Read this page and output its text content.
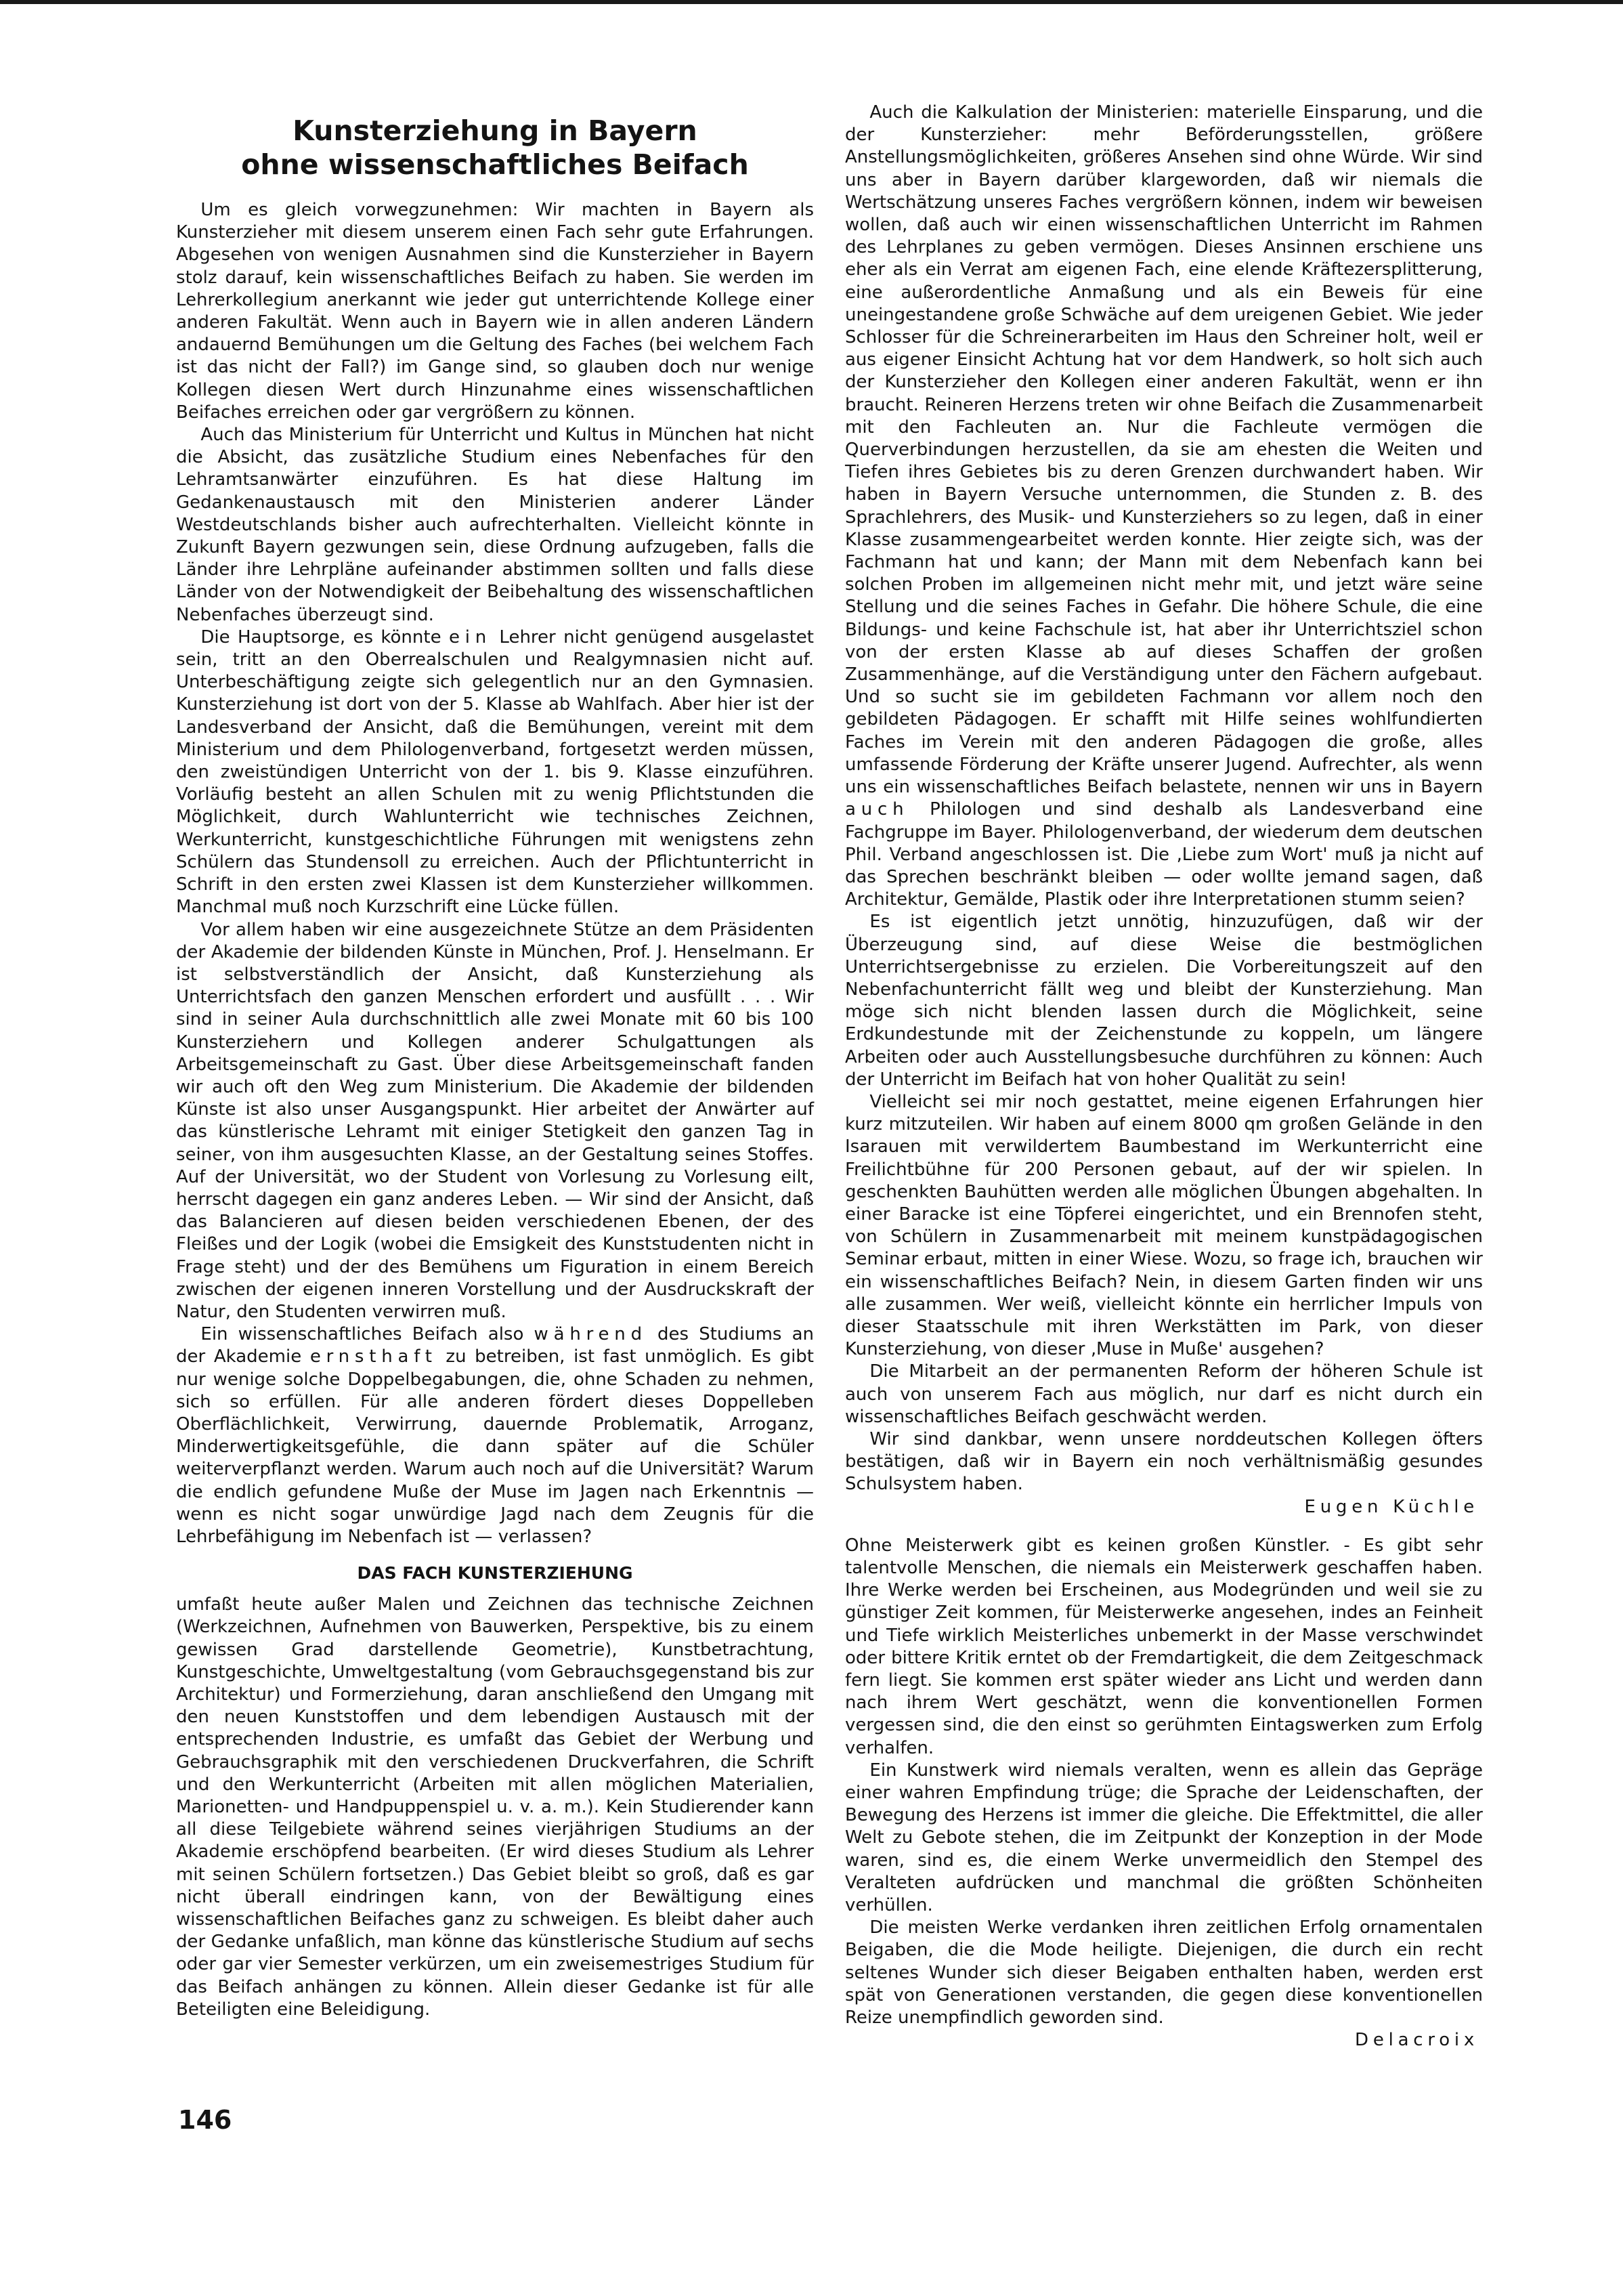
Kunsterziehung in Bayern
ohne wissenschaftliches Beifach

Um es gleich vorwegzunehmen: Wir machten in Bayern als Kunsterzieher mit diesem unserem einen Fach sehr gute Erfahrungen. Abgesehen von wenigen Ausnahmen sind die Kunsterzieher in Bayern stolz darauf, kein wissenschaftliches Beifach zu haben. Sie werden im Lehrerkollegium anerkannt wie jeder gut unterrichtende Kollege einer anderen Fakultät. Wenn auch in Bayern wie in allen anderen Ländern andauernd Bemühungen um die Geltung des Faches (bei welchem Fach ist das nicht der Fall?) im Gange sind, so glauben doch nur wenige Kollegen diesen Wert durch Hinzunahme eines wissenschaftlichen Beifaches erreichen oder gar vergrößern zu können.

Auch das Ministerium für Unterricht und Kultus in München hat nicht die Absicht, das zusätzliche Studium eines Nebenfaches für den Lehramtsanwärter einzuführen. Es hat diese Haltung im Gedankenaustausch mit den Ministerien anderer Länder Westdeutschlands bisher auch aufrechterhalten. Vielleicht könnte in Zukunft Bayern gezwungen sein, diese Ordnung aufzugeben, falls die Länder ihre Lehrpläne aufeinander abstimmen sollten und falls diese Länder von der Notwendigkeit der Beibehaltung des wissenschaftlichen Nebenfaches überzeugt sind.

Die Hauptsorge, es könnte ein Lehrer nicht genügend ausgelastet sein, tritt an den Oberrealschulen und Realgymnasien nicht auf. Unterbeschäftigung zeigte sich gelegentlich nur an den Gymnasien. Kunsterziehung ist dort von der 5. Klasse ab Wahlfach. Aber hier ist der Landesverband der Ansicht, daß die Bemühungen, vereint mit dem Ministerium und dem Philologenverband, fortgesetzt werden müssen, den zweistündigen Unterricht von der 1. bis 9. Klasse einzuführen. Vorläufig besteht an allen Schulen mit zu wenig Pflichtstunden die Möglichkeit, durch Wahlunterricht wie technisches Zeichnen, Werkunterricht, kunstgeschichtliche Führungen mit wenigstens zehn Schülern das Stundensoll zu erreichen. Auch der Pflichtunterricht in Schrift in den ersten zwei Klassen ist dem Kunsterzieher willkommen. Manchmal muß noch Kurzschrift eine Lücke füllen.

Vor allem haben wir eine ausgezeichnete Stütze an dem Präsidenten der Akademie der bildenden Künste in München, Prof. J. Henselmann. Er ist selbstverständlich der Ansicht, daß Kunsterziehung als Unterrichtsfach den ganzen Menschen erfordert und ausfüllt . . . Wir sind in seiner Aula durchschnittlich alle zwei Monate mit 60 bis 100 Kunsterziehern und Kollegen anderer Schulgattungen als Arbeitsgemeinschaft zu Gast. Über diese Arbeitsgemeinschaft fanden wir auch oft den Weg zum Ministerium. Die Akademie der bildenden Künste ist also unser Ausgangspunkt. Hier arbeitet der Anwärter auf das künstlerische Lehramt mit einiger Stetigkeit den ganzen Tag in seiner, von ihm ausgesuchten Klasse, an der Gestaltung seines Stoffes. Auf der Universität, wo der Student von Vorlesung zu Vorlesung eilt, herrscht dagegen ein ganz anderes Leben. — Wir sind der Ansicht, daß das Balancieren auf diesen beiden verschiedenen Ebenen, der des Fleißes und der Logik (wobei die Emsigkeit des Kunststudenten nicht in Frage steht) und der des Bemühens um Figuration in einem Bereich zwischen der eigenen inneren Vorstellung und der Ausdruckskraft der Natur, den Studenten verwirren muß.

Ein wissenschaftliches Beifach also während des Studiums an der Akademie ernsthaft zu betreiben, ist fast unmöglich. Es gibt nur wenige solche Doppelbegabungen, die, ohne Schaden zu nehmen, sich so erfüllen. Für alle anderen fördert dieses Doppelleben Oberflächlichkeit, Verwirrung, dauernde Problematik, Arroganz, Minderwertigkeitsgefühle, die dann später auf die Schüler weiterverpflanzt werden. Warum auch noch auf die Universität? Warum die endlich gefundene Muße der Muse im Jagen nach Erkenntnis — wenn es nicht sogar unwürdige Jagd nach dem Zeugnis für die Lehrbefähigung im Nebenfach ist — verlassen?

DAS FACH KUNSTERZIEHUNG

umfaßt heute außer Malen und Zeichnen das technische Zeichnen (Werkzeichnen, Aufnehmen von Bauwerken, Perspektive, bis zu einem gewissen Grad darstellende Geometrie), Kunstbetrachtung, Kunstgeschichte, Umweltgestaltung (vom Gebrauchsgegenstand bis zur Architektur) und Formerziehung, daran anschließend den Umgang mit den neuen Kunststoffen und dem lebendigen Austausch mit der entsprechenden Industrie, es umfaßt das Gebiet der Werbung und Gebrauchsgraphik mit den verschiedenen Druckverfahren, die Schrift und den Werkunterricht (Arbeiten mit allen möglichen Materialien, Marionetten- und Handpuppenspiel u. v. a. m.). Kein Studierender kann all diese Teilgebiete während seines vierjährigen Studiums an der Akademie erschöpfend bearbeiten. (Er wird dieses Studium als Lehrer mit seinen Schülern fortsetzen.) Das Gebiet bleibt so groß, daß es gar nicht überall eindringen kann, von der Bewältigung eines wissenschaftlichen Beifaches ganz zu schweigen. Es bleibt daher auch der Gedanke unfaßlich, man könne das künstlerische Studium auf sechs oder gar vier Semester verkürzen, um ein zweisemestriges Studium für das Beifach anhängen zu können. Allein dieser Gedanke ist für alle Beteiligten eine Beleidigung.

Auch die Kalkulation der Ministerien: materielle Einsparung, und die der Kunsterzieher: mehr Beförderungsstellen, größere Anstellungsmöglichkeiten, größeres Ansehen sind ohne Würde. Wir sind uns aber in Bayern darüber klargeworden, daß wir niemals die Wertschätzung unseres Faches vergrößern können, indem wir beweisen wollen, daß auch wir einen wissenschaftlichen Unterricht im Rahmen des Lehrplanes zu geben vermögen. Dieses Ansinnen erschiene uns eher als ein Verrat am eigenen Fach, eine elende Kräftezersplitterung, eine außerordentliche Anmaßung und als ein Beweis für eine uneingestandene große Schwäche auf dem ureigenen Gebiet. Wie jeder Schlosser für die Schreinerarbeiten im Haus den Schreiner holt, weil er aus eigener Einsicht Achtung hat vor dem Handwerk, so holt sich auch der Kunsterzieher den Kollegen einer anderen Fakultät, wenn er ihn braucht. Reineren Herzens treten wir ohne Beifach die Zusammenarbeit mit den Fachleuten an. Nur die Fachleute vermögen die Querverbindungen herzustellen, da sie am ehesten die Weiten und Tiefen ihres Gebietes bis zu deren Grenzen durchwandert haben. Wir haben in Bayern Versuche unternommen, die Stunden z. B. des Sprachlehrers, des Musik- und Kunsterziehers so zu legen, daß in einer Klasse zusammengearbeitet werden konnte. Hier zeigte sich, was der Fachmann hat und kann; der Mann mit dem Nebenfach kann bei solchen Proben im allgemeinen nicht mehr mit, und jetzt wäre seine Stellung und die seines Faches in Gefahr. Die höhere Schule, die eine Bildungs- und keine Fachschule ist, hat aber ihr Unterrichtsziel schon von der ersten Klasse ab auf dieses Schaffen der großen Zusammenhänge, auf die Verständigung unter den Fächern aufgebaut. Und so sucht sie im gebildeten Fachmann vor allem noch den gebildeten Pädagogen. Er schafft mit Hilfe seines wohlfundierten Faches im Verein mit den anderen Pädagogen die große, alles umfassende Förderung der Kräfte unserer Jugend. Aufrechter, als wenn uns ein wissenschaftliches Beifach belastete, nennen wir uns in Bayern auch Philologen und sind deshalb als Landesverband eine Fachgruppe im Bayer. Philologenverband, der wiederum dem deutschen Phil. Verband angeschlossen ist. Die ‚Liebe zum Wort' muß ja nicht auf das Sprechen beschränkt bleiben — oder wollte jemand sagen, daß Architektur, Gemälde, Plastik oder ihre Interpretationen stumm seien?

Es ist eigentlich jetzt unnötig, hinzuzufügen, daß wir der Überzeugung sind, auf diese Weise die bestmöglichen Unterrichtsergebnisse zu erzielen. Die Vorbereitungszeit auf den Nebenfachunterricht fällt weg und bleibt der Kunsterziehung. Man möge sich nicht blenden lassen durch die Möglichkeit, seine Erdkundestunde mit der Zeichenstunde zu koppeln, um längere Arbeiten oder auch Ausstellungsbesuche durchführen zu können: Auch der Unterricht im Beifach hat von hoher Qualität zu sein!

Vielleicht sei mir noch gestattet, meine eigenen Erfahrungen hier kurz mitzuteilen. Wir haben auf einem 8000 qm großen Gelände in den Isarauen mit verwildertem Baumbestand im Werkunterricht eine Freilichtbühne für 200 Personen gebaut, auf der wir spielen. In geschenkten Bauhütten werden alle möglichen Übungen abgehalten. In einer Baracke ist eine Töpferei eingerichtet, und ein Brennofen steht, von Schülern in Zusammenarbeit mit meinem kunstpädagogischen Seminar erbaut, mitten in einer Wiese. Wozu, so frage ich, brauchen wir ein wissenschaftliches Beifach? Nein, in diesem Garten finden wir uns alle zusammen. Wer weiß, vielleicht könnte ein herrlicher Impuls von dieser Staatsschule mit ihren Werkstätten im Park, von dieser Kunsterziehung, von dieser ‚Muse in Muße' ausgehen?

Die Mitarbeit an der permanenten Reform der höheren Schule ist auch von unserem Fach aus möglich, nur darf es nicht durch ein wissenschaftliches Beifach geschwächt werden.

Wir sind dankbar, wenn unsere norddeutschen Kollegen öfters bestätigen, daß wir in Bayern ein noch verhältnismäßig gesundes Schulsystem haben.

Eugen Küchle

Ohne Meisterwerk gibt es keinen großen Künstler. - Es gibt sehr talentvolle Menschen, die niemals ein Meisterwerk geschaffen haben. Ihre Werke werden bei Erscheinen, aus Modegründen und weil sie zu günstiger Zeit kommen, für Meisterwerke angesehen, indes an Feinheit und Tiefe wirklich Meisterliches unbemerkt in der Masse verschwindet oder bittere Kritik erntet ob der Fremdartigkeit, die dem Zeitgeschmack fern liegt. Sie kommen erst später wieder ans Licht und werden dann nach ihrem Wert geschätzt, wenn die konventionellen Formen vergessen sind, die den einst so gerühmten Eintagswerken zum Erfolg verhalfen.

Ein Kunstwerk wird niemals veralten, wenn es allein das Gepräge einer wahren Empfindung trüge; die Sprache der Leidenschaften, der Bewegung des Herzens ist immer die gleiche. Die Effektmittel, die aller Welt zu Gebote stehen, die im Zeitpunkt der Konzeption in der Mode waren, sind es, die einem Werke unvermeidlich den Stempel des Veralteten aufdrücken und manchmal die größten Schönheiten verhüllen.

Die meisten Werke verdanken ihren zeitlichen Erfolg ornamentalen Beigaben, die die Mode heiligte. Diejenigen, die durch ein recht seltenes Wunder sich dieser Beigaben enthalten haben, werden erst spät von Generationen verstanden, die gegen diese konventionellen Reize unempfindlich geworden sind.

Delacroix
146
